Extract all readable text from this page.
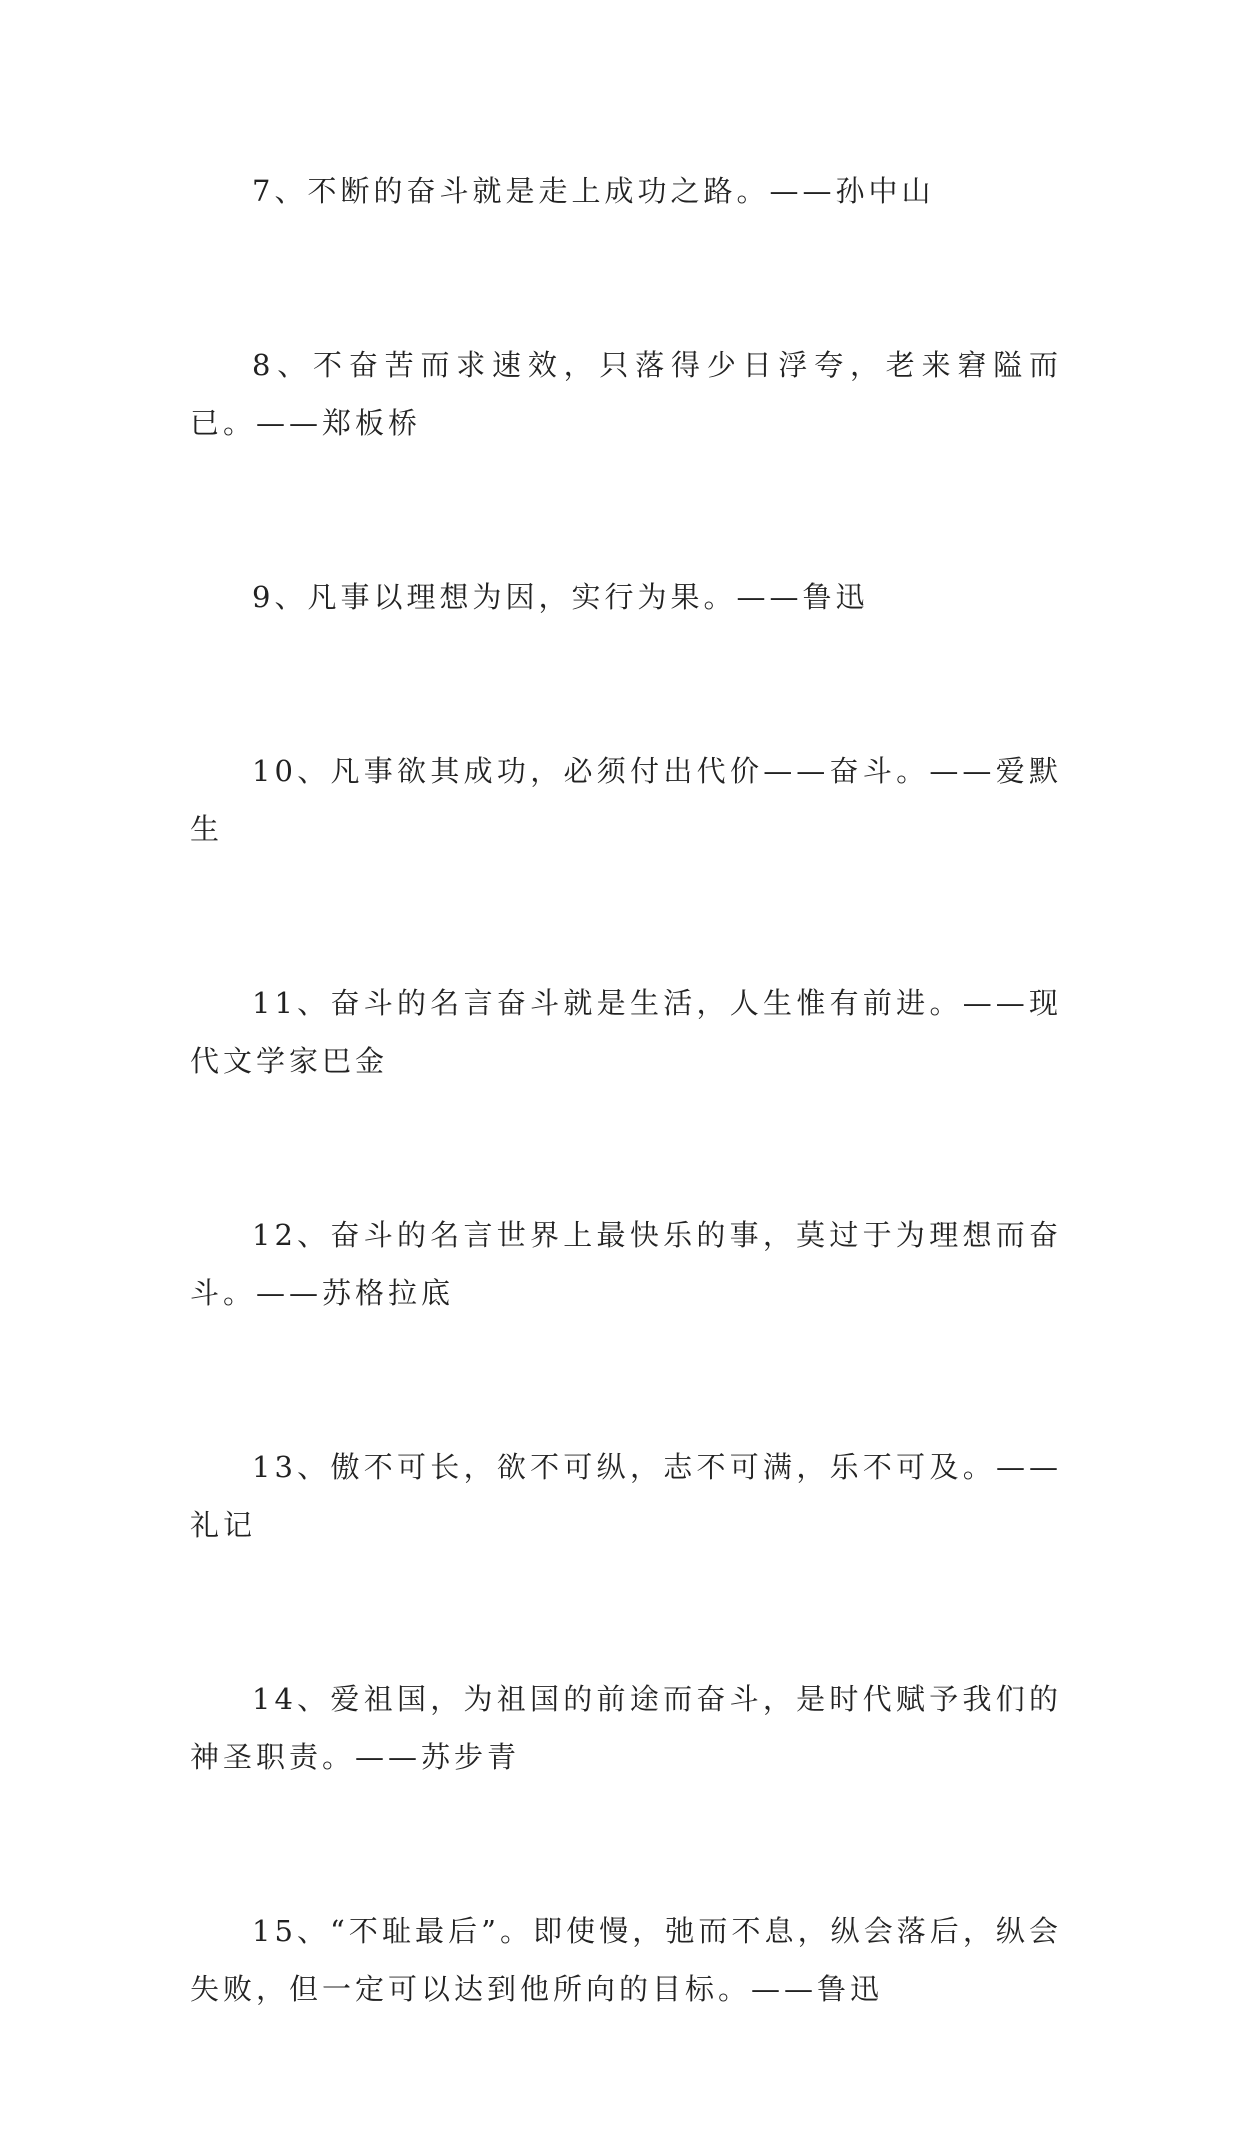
7、不断的奋斗就是走上成功之路。——孙中山

8、不奋苦而求速效，只落得少日浮夸，老来窘隘而已。——郑板桥

9、凡事以理想为因，实行为果。——鲁迅

10、凡事欲其成功，必须付出代价——奋斗。——爱默生

11、奋斗的名言奋斗就是生活，人生惟有前进。——现代文学家巴金

12、奋斗的名言世界上最快乐的事，莫过于为理想而奋斗。——苏格拉底

13、傲不可长，欲不可纵，志不可满，乐不可及。——礼记

14、爱祖国，为祖国的前途而奋斗，是时代赋予我们的神圣职责。——苏步青

15、“不耻最后”。即使慢，弛而不息，纵会落后，纵会失败，但一定可以达到他所向的目标。——鲁迅
